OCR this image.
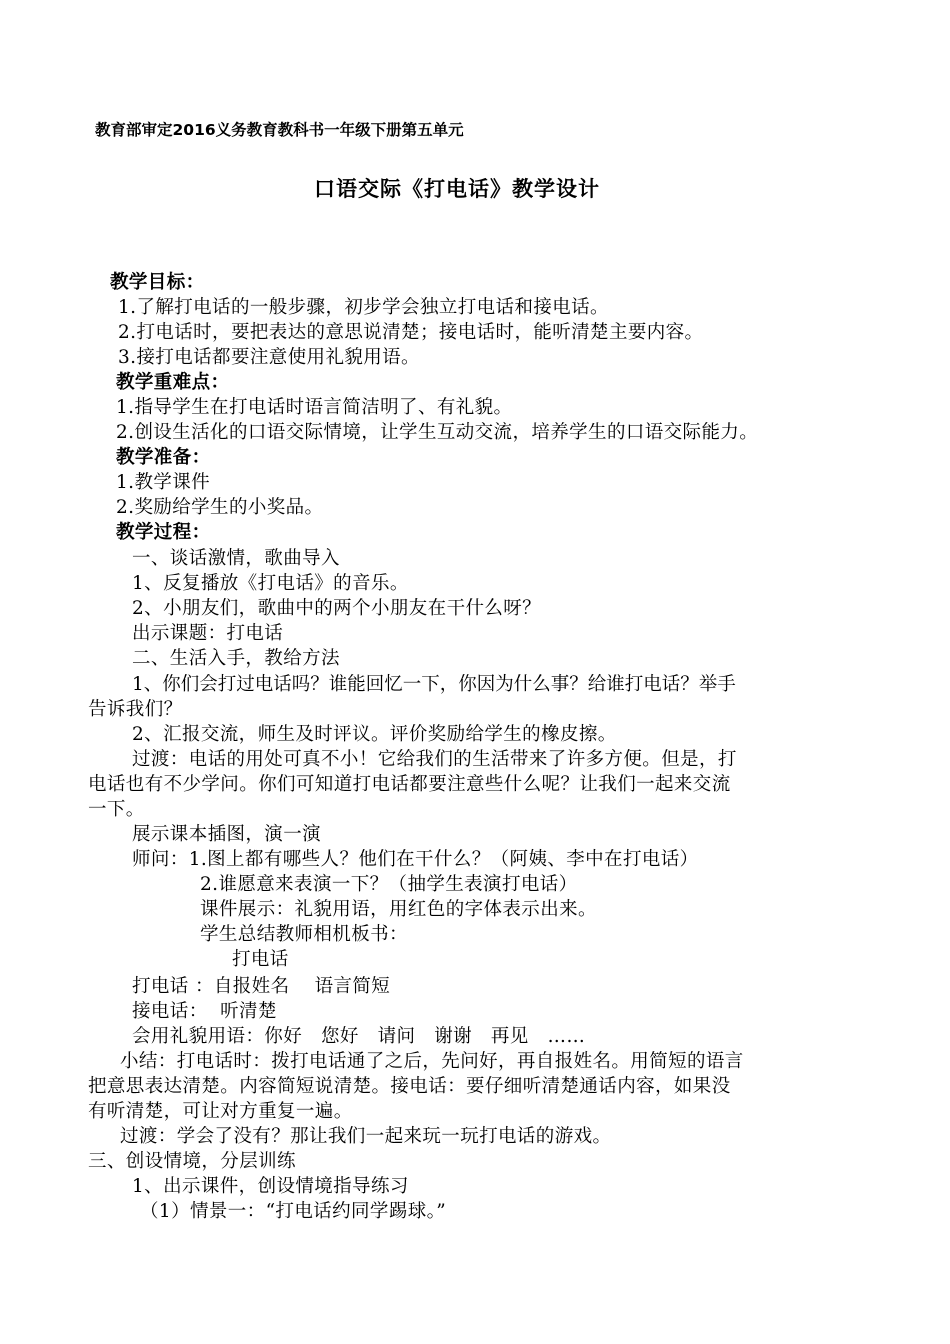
教育部审定2016义务教育教科书一年级下册第五单元
口语交际《打电话》教学设计
教学目标：
1.了解打电话的一般步骤，初步学会独立打电话和接电话。
2.打电话时，要把表达的意思说清楚；接电话时，能听清楚主要内容。
3.接打电话都要注意使用礼貌用语。
教学重难点：
1.指导学生在打电话时语言简洁明了、有礼貌。
2.创设生活化的口语交际情境，让学生互动交流，培养学生的口语交际能力。
教学准备：
1.教学课件
2.奖励给学生的小奖品。
教学过程：
一、谈话激情，歌曲导入
1、反复播放《打电话》的音乐。
2、小朋友们，歌曲中的两个小朋友在干什么呀？
出示课题：打电话
二、生活入手，教给方法
1、你们会打过电话吗？谁能回忆一下，你因为什么事？给谁打电话？举手
告诉我们？
2、汇报交流，师生及时评议。评价奖励给学生的橡皮擦。
过渡：电话的用处可真不小！它给我们的生活带来了许多方便。但是，打
电话也有不少学问。你们可知道打电话都要注意些什么呢？让我们一起来交流
一下。
展示课本插图，演一演
师问：1.图上都有哪些人？他们在干什么？（阿姨、李中在打电话）
2.谁愿意来表演一下？（抽学生表演打电话）
课件展示：礼貌用语，用红色的字体表示出来。
学生总结教师相机板书：
打电话
打电话 ：自报姓名    语言简短
接电话：  听清楚
会用礼貌用语：你好   您好   请问   谢谢   再见   ……
小结：打电话时：拨打电话通了之后，先问好，再自报姓名。用简短的语言
把意思表达清楚。内容简短说清楚。接电话：要仔细听清楚通话内容，如果没
有听清楚，可让对方重复一遍。
过渡：学会了没有？那让我们一起来玩一玩打电话的游戏。
三、创设情境，分层训练
1、出示课件，创设情境指导练习
（1）情景一：“打电话约同学踢球。”
